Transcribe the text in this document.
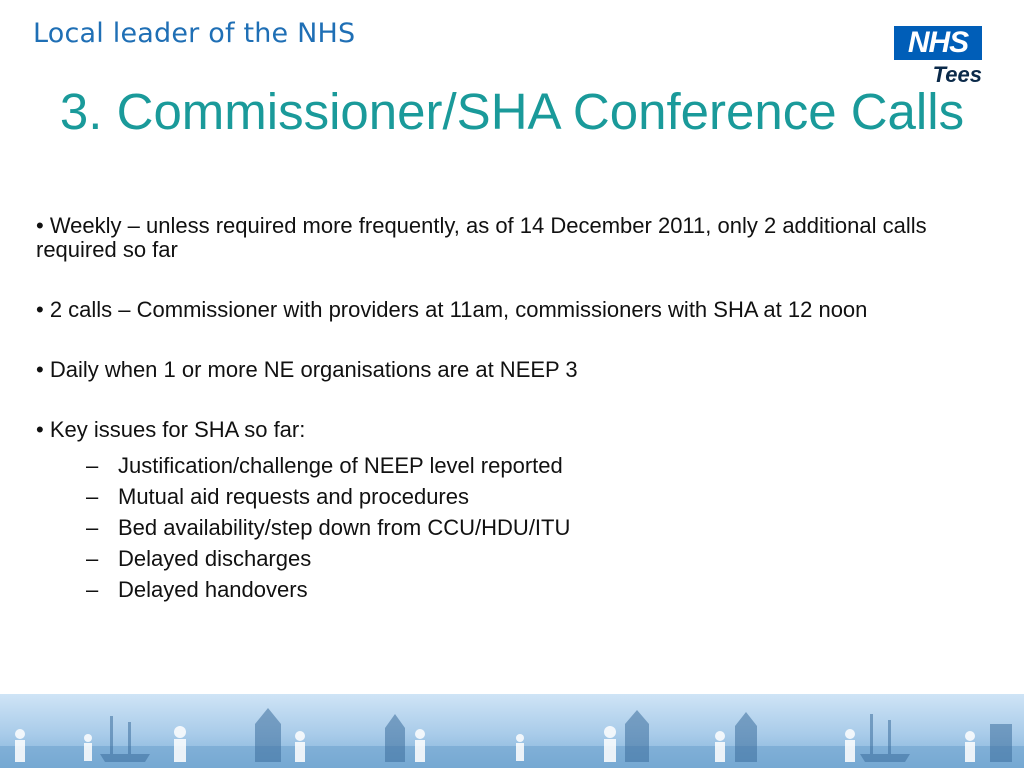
Local leader of the NHS	NHS
Tees
3. Commissioner/SHA Conference Calls

• Weekly – unless required more frequently, as of 14 December 2011, only 2 additional calls required so far

• 2 calls – Commissioner with providers at 11am, commissioners with SHA at 12 noon

• Daily when 1 or more NE organisations are at NEEP 3

• Key issues for SHA so far:

– Justification/challenge of NEEP level reported
– Mutual aid requests and procedures
– Bed availability/step down from CCU/HDU/ITU
– Delayed discharges
– Delayed handovers
